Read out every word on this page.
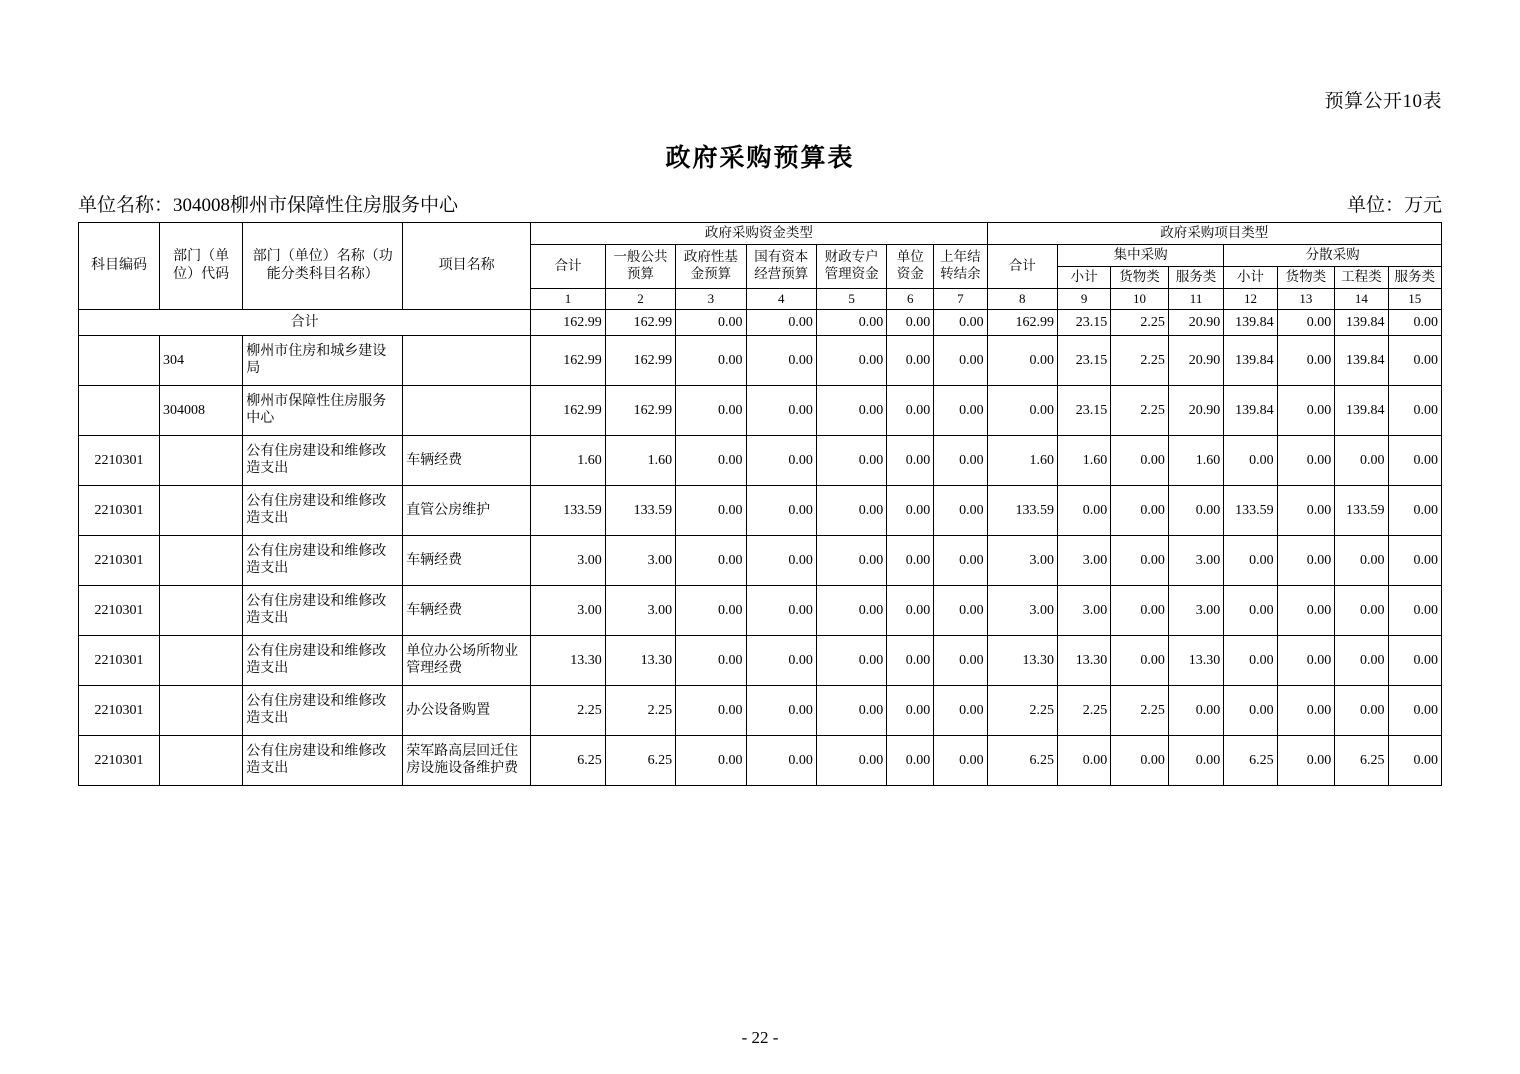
预算公开10表
政府采购预算表
单位名称：304008柳州市保障性住房服务中心	单位：万元
科目编码	部门（单位）代码	部门（单位）名称（功能分类科目名称）	项目名称	政府采购资金类型							政府采购项目类型							
				合计	一般公共预算	政府性基金预算	国有资本经营预算	财政专户管理资金	单位资金	上年结转结余	合计	集中采购			分散采购			
												小计	货物类	服务类	小计	货物类	工程类	服务类
				1	2	3	4	5	6	7	8	9	10	11	12	13	14	15
合计				162.99	162.99	0.00	0.00	0.00	0.00	0.00	162.99	23.15	2.25	20.90	139.84	0.00	139.84	0.00
	304	柳州市住房和城乡建设局		162.99	162.99	0.00	0.00	0.00	0.00	0.00	0.00	23.15	2.25	20.90	139.84	0.00	139.84	0.00
	304008	柳州市保障性住房服务中心		162.99	162.99	0.00	0.00	0.00	0.00	0.00	0.00	23.15	2.25	20.90	139.84	0.00	139.84	0.00
2210301		公有住房建设和维修改造支出	车辆经费	1.60	1.60	0.00	0.00	0.00	0.00	0.00	1.60	1.60	0.00	1.60	0.00	0.00	0.00	0.00
2210301		公有住房建设和维修改造支出	直管公房维护	133.59	133.59	0.00	0.00	0.00	0.00	0.00	133.59	0.00	0.00	0.00	133.59	0.00	133.59	0.00
2210301		公有住房建设和维修改造支出	车辆经费	3.00	3.00	0.00	0.00	0.00	0.00	0.00	3.00	3.00	0.00	3.00	0.00	0.00	0.00	0.00
2210301		公有住房建设和维修改造支出	车辆经费	3.00	3.00	0.00	0.00	0.00	0.00	0.00	3.00	3.00	0.00	3.00	0.00	0.00	0.00	0.00
2210301		公有住房建设和维修改造支出	单位办公场所物业管理经费	13.30	13.30	0.00	0.00	0.00	0.00	0.00	13.30	13.30	0.00	13.30	0.00	0.00	0.00	0.00
2210301		公有住房建设和维修改造支出	办公设备购置	2.25	2.25	0.00	0.00	0.00	0.00	0.00	2.25	2.25	2.25	0.00	0.00	0.00	0.00	0.00
2210301		公有住房建设和维修改造支出	荣军路高层回迁住房设施设备维护费	6.25	6.25	0.00	0.00	0.00	0.00	0.00	6.25	0.00	0.00	0.00	6.25	0.00	6.25	0.00
- 22 -
